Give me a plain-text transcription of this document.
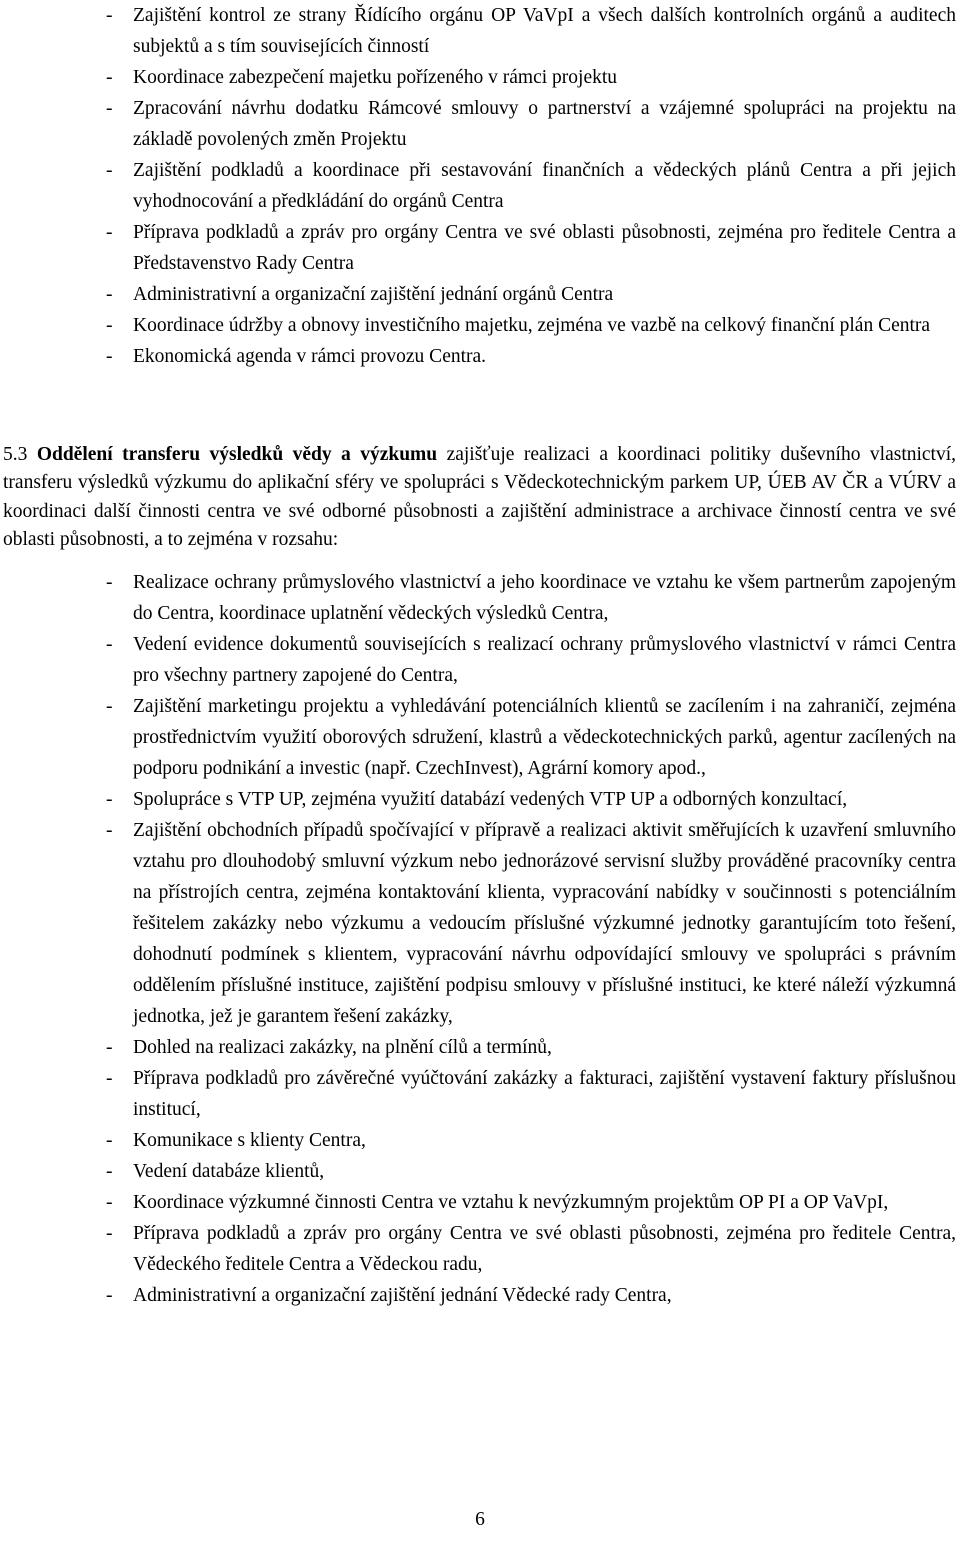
- Zajištění kontrol ze strany Řídícího orgánu OP VaVpI a všech dalších kontrolních orgánů a auditech subjektů a s tím souvisejících činností
- Koordinace zabezpečení majetku pořízeného v rámci projektu
- Zpracování návrhu dodatku Rámcové smlouvy o partnerství a vzájemné spolupráci na projektu na základě povolených změn Projektu
- Zajištění podkladů a koordinace při sestavování finančních a vědeckých plánů Centra a při jejich vyhodnocování a předkládání do orgánů Centra
- Příprava podkladů a zpráv pro orgány Centra ve své oblasti působnosti, zejména pro ředitele Centra a Představenstvo Rady Centra
- Administrativní a organizační zajištění jednání orgánů Centra
- Koordinace údržby a obnovy investičního majetku, zejména ve vazbě na celkový finanční plán Centra
- Ekonomická agenda v rámci provozu Centra.

5.3 Oddělení transferu výsledků vědy a výzkumu zajišťuje realizaci a koordinaci politiky duševního vlastnictví, transferu výsledků výzkumu do aplikační sféry ve spolupráci s Vědeckotechnickým parkem UP, ÚEB AV ČR a VÚRV a koordinaci další činnosti centra ve své odborné působnosti a zajištění administrace a archivace činností centra ve své oblasti působnosti, a to zejména v rozsahu:

- Realizace ochrany průmyslového vlastnictví a jeho koordinace ve vztahu ke všem partnerům zapojeným do Centra, koordinace uplatnění vědeckých výsledků Centra,
- Vedení evidence dokumentů souvisejících s realizací ochrany průmyslového vlastnictví v rámci Centra pro všechny partnery zapojené do Centra,
- Zajištění marketingu projektu a vyhledávání potenciálních klientů se zacílením i na zahraničí, zejména prostřednictvím využití oborových sdružení, klastrů a vědeckotechnických parků, agentur zacílených na podporu podnikání a investic (např. CzechInvest), Agrární komory apod.,
- Spolupráce s VTP UP, zejména využití databází vedených VTP UP a odborných konzultací,
- Zajištění obchodních případů spočívající v přípravě a realizaci aktivit směřujících k uzavření smluvního vztahu pro dlouhodobý smluvní výzkum nebo jednorázové servisní služby prováděné pracovníky centra na přístrojích centra, zejména kontaktování klienta, vypracování nabídky v součinnosti s potenciálním řešitelem zakázky nebo výzkumu a vedoucím příslušné výzkumné jednotky garantujícím toto řešení, dohodnutí podmínek s klientem, vypracování návrhu odpovídající smlouvy ve spolupráci s právním oddělením příslušné instituce, zajištění podpisu smlouvy v příslušné instituci, ke které náleží výzkumná jednotka, jež je garantem řešení zakázky,
- Dohled na realizaci zakázky, na plnění cílů a termínů,
- Příprava podkladů pro závěrečné vyúčtování zakázky a fakturaci, zajištění vystavení faktury příslušnou institucí,
- Komunikace s klienty Centra,
- Vedení databáze klientů,
- Koordinace výzkumné činnosti Centra ve vztahu k nevýzkumným projektům OP PI a OP VaVpI,
- Příprava podkladů a zpráv pro orgány Centra ve své oblasti působnosti, zejména pro ředitele Centra, Vědeckého ředitele Centra a Vědeckou radu,
- Administrativní a organizační zajištění jednání Vědecké rady Centra,
6
